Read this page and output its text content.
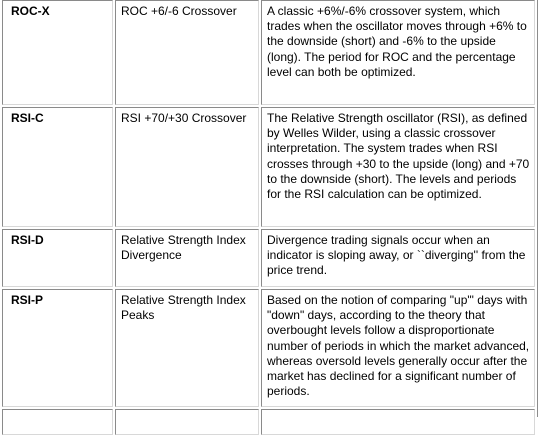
ROC-X	ROC +6/-6 Crossover	A classic +6%/-6% crossover system, which trades when the oscillator moves through +6% to the downside (short) and -6% to the upside (long). The period for ROC and the percentage level can both be optimized.
RSI-C	RSI +70/+30 Crossover	The Relative Strength oscillator (RSI), as defined by Welles Wilder, using a classic crossover interpretation. The system trades when RSI crosses through +30 to the upside (long) and +70 to the downside (short). The levels and periods for the RSI calculation can be optimized.
RSI-D	Relative Strength Index Divergence	Divergence trading signals occur when an indicator is sloping away, or ``diverging'' from the price trend.
RSI-P	Relative Strength Index Peaks	Based on the notion of comparing "up"' days with "down" days, according to the theory that overbought levels follow a disproportionate number of periods in which the market advanced, whereas oversold levels generally occur after the market has declined for a significant number of periods.
